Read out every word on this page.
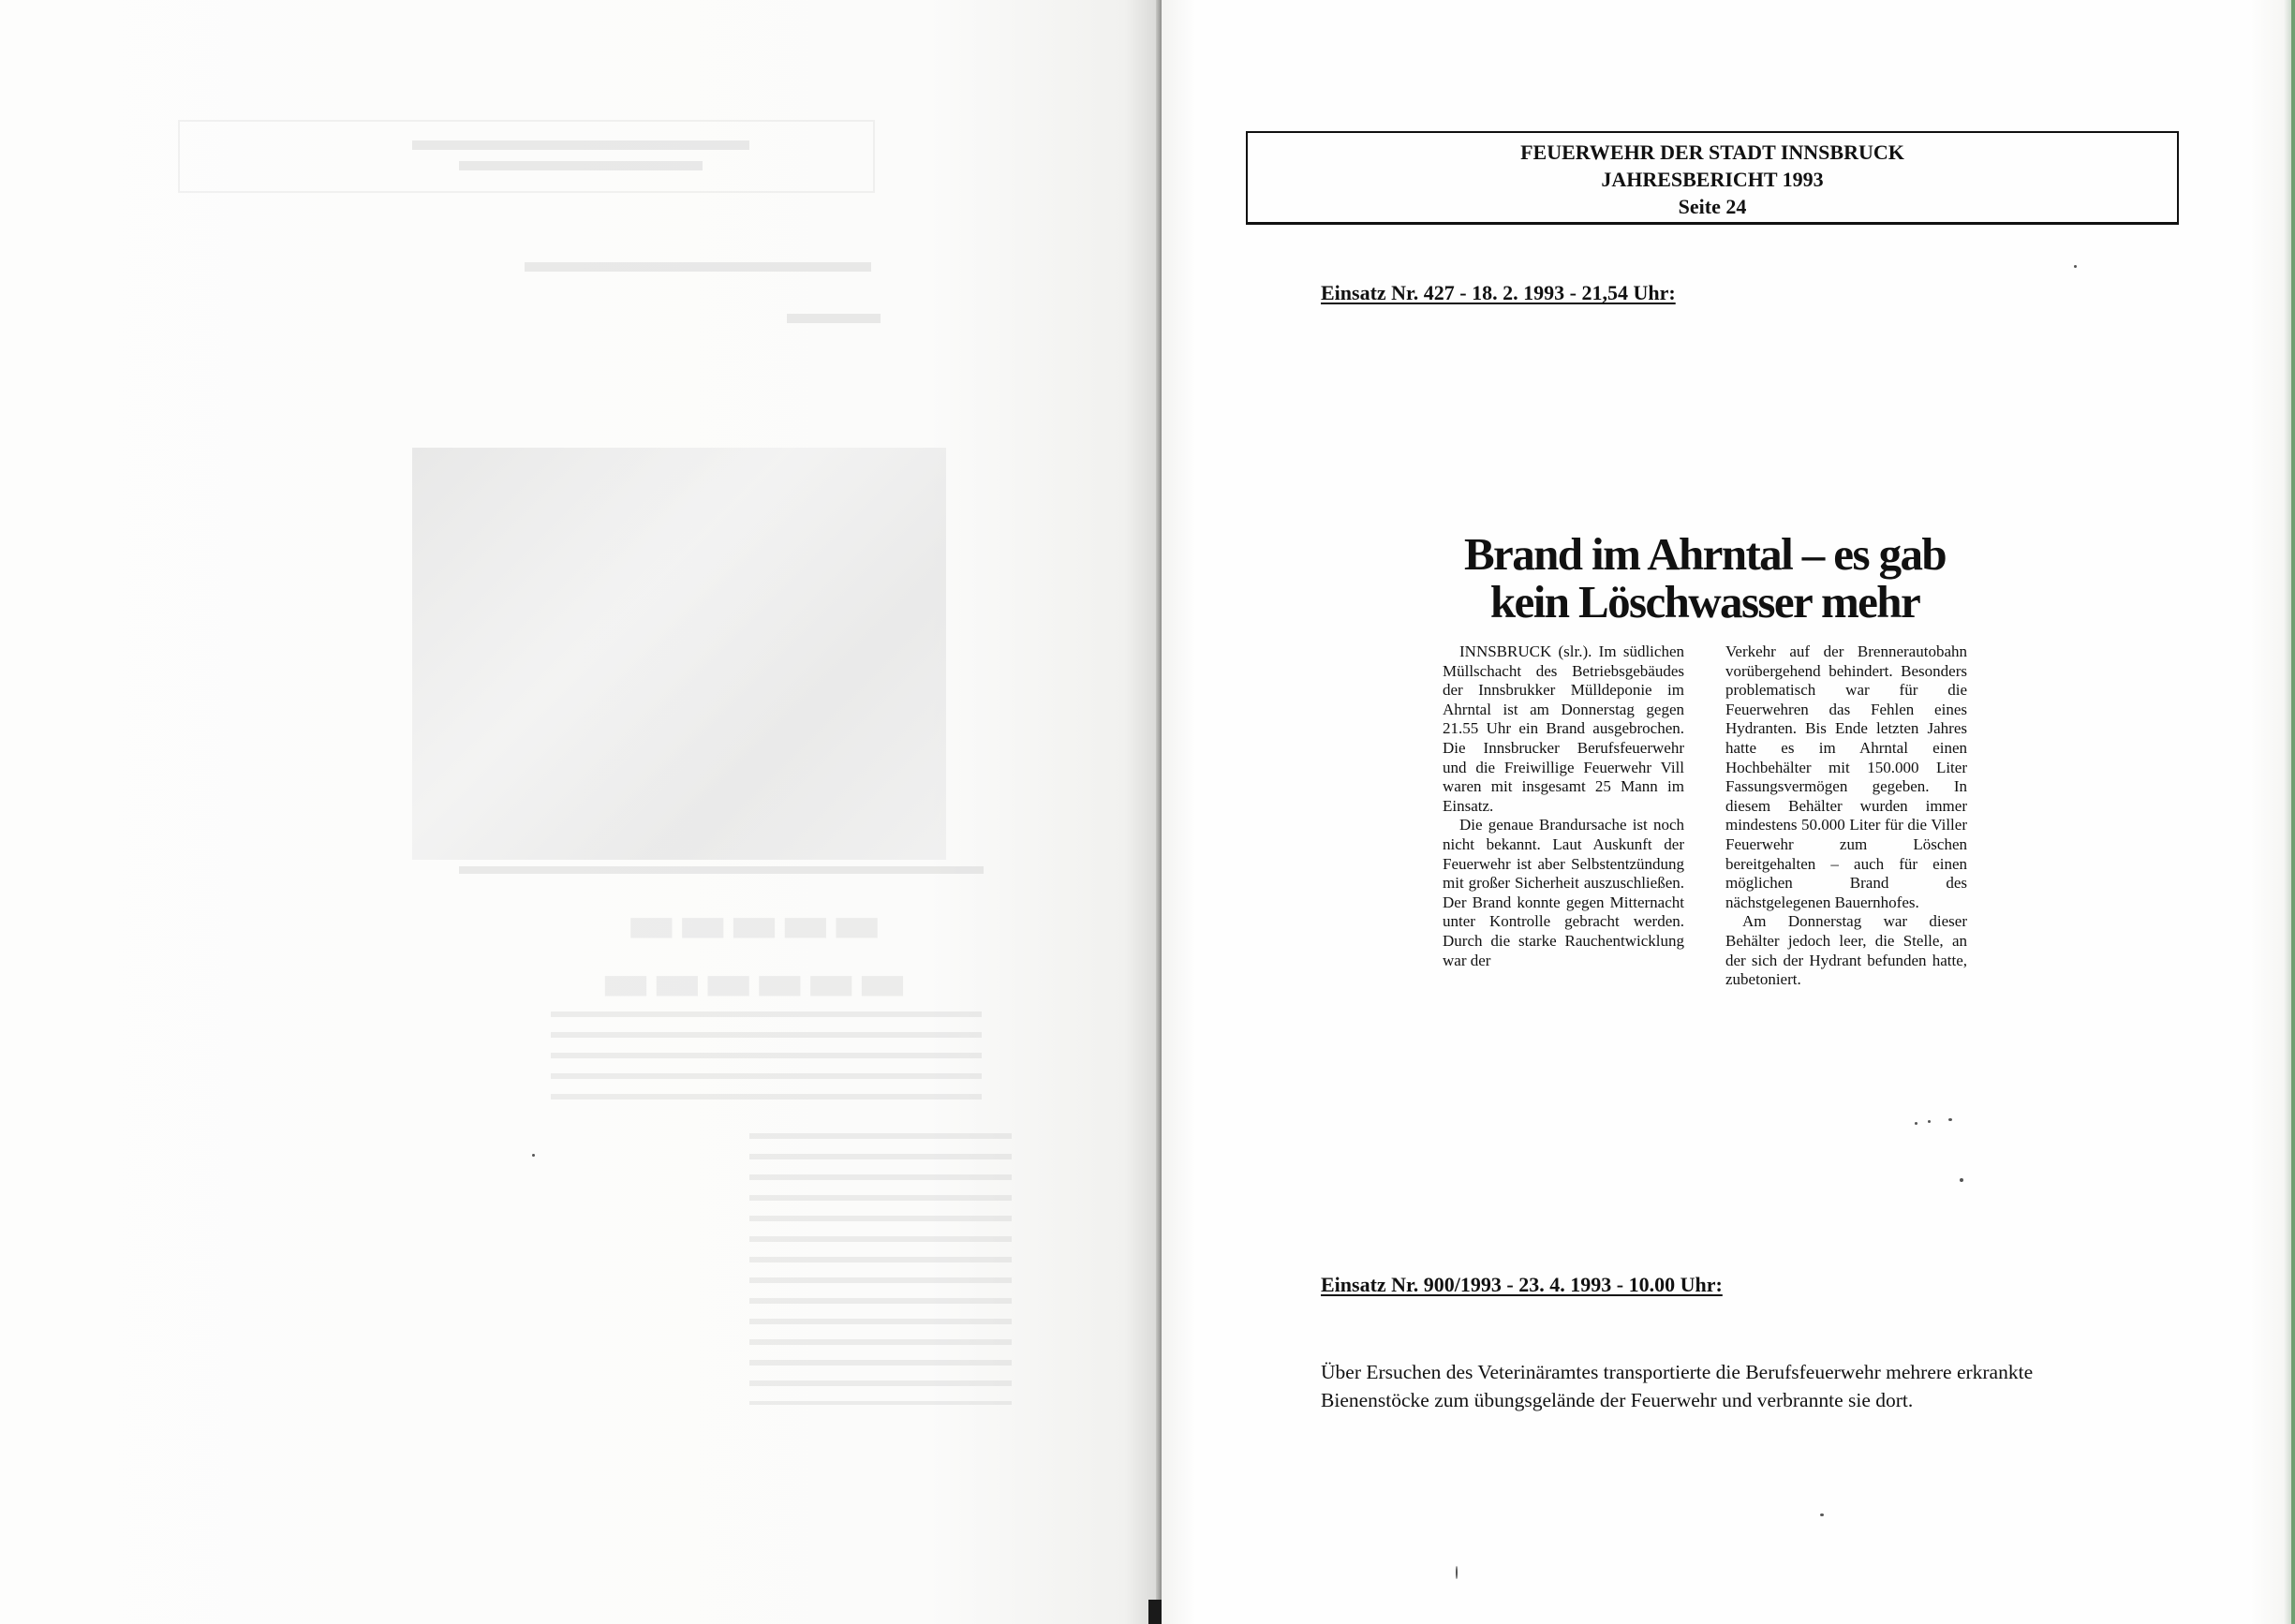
▬▬▬▬▬
▬▬▬▬▬▬
FEUERWEHR DER STADT INNSBRUCK
JAHRESBERICHT 1993
Seite 24
Einsatz Nr. 427 - 18. 2. 1993 - 21,54 Uhr:
Brand im Ahrntal – es gab
kein Löschwasser mehr

INNSBRUCK (slr.). Im südlichen Müllschacht des Betriebsgebäudes der Innsbrukker Mülldeponie im Ahrntal ist am Donnerstag gegen 21.55 Uhr ein Brand ausgebrochen. Die Innsbrucker Berufsfeuerwehr und die Freiwillige Feuerwehr Vill waren mit insgesamt 25 Mann im Einsatz.

Die genaue Brandursache ist noch nicht bekannt. Laut Auskunft der Feuerwehr ist aber Selbstentzündung mit großer Sicherheit auszuschließen. Der Brand konnte gegen Mitternacht unter Kontrolle gebracht werden. Durch die starke Rauchentwicklung war der

Verkehr auf der Brennerautobahn vorübergehend behindert. Besonders problematisch war für die Feuerwehren das Fehlen eines Hydranten. Bis Ende letzten Jahres hatte es im Ahrntal einen Hochbehälter mit 150.000 Liter Fassungsvermögen gegeben. In diesem Behälter wurden immer mindestens 50.000 Liter für die Viller Feuerwehr zum Löschen bereitgehalten – auch für einen möglichen Brand des nächstgelegenen Bauernhofes.

Am Donnerstag war dieser Behälter jedoch leer, die Stelle, an der sich der Hydrant befunden hatte, zubetoniert.

Einsatz Nr. 900/1993 - 23. 4. 1993 - 10.00 Uhr:
Über Ersuchen des Veterinäramtes transportierte die Berufsfeuerwehr mehrere erkrankte Bienenstöcke zum übungsgelände der Feuerwehr und verbrannte sie dort.
